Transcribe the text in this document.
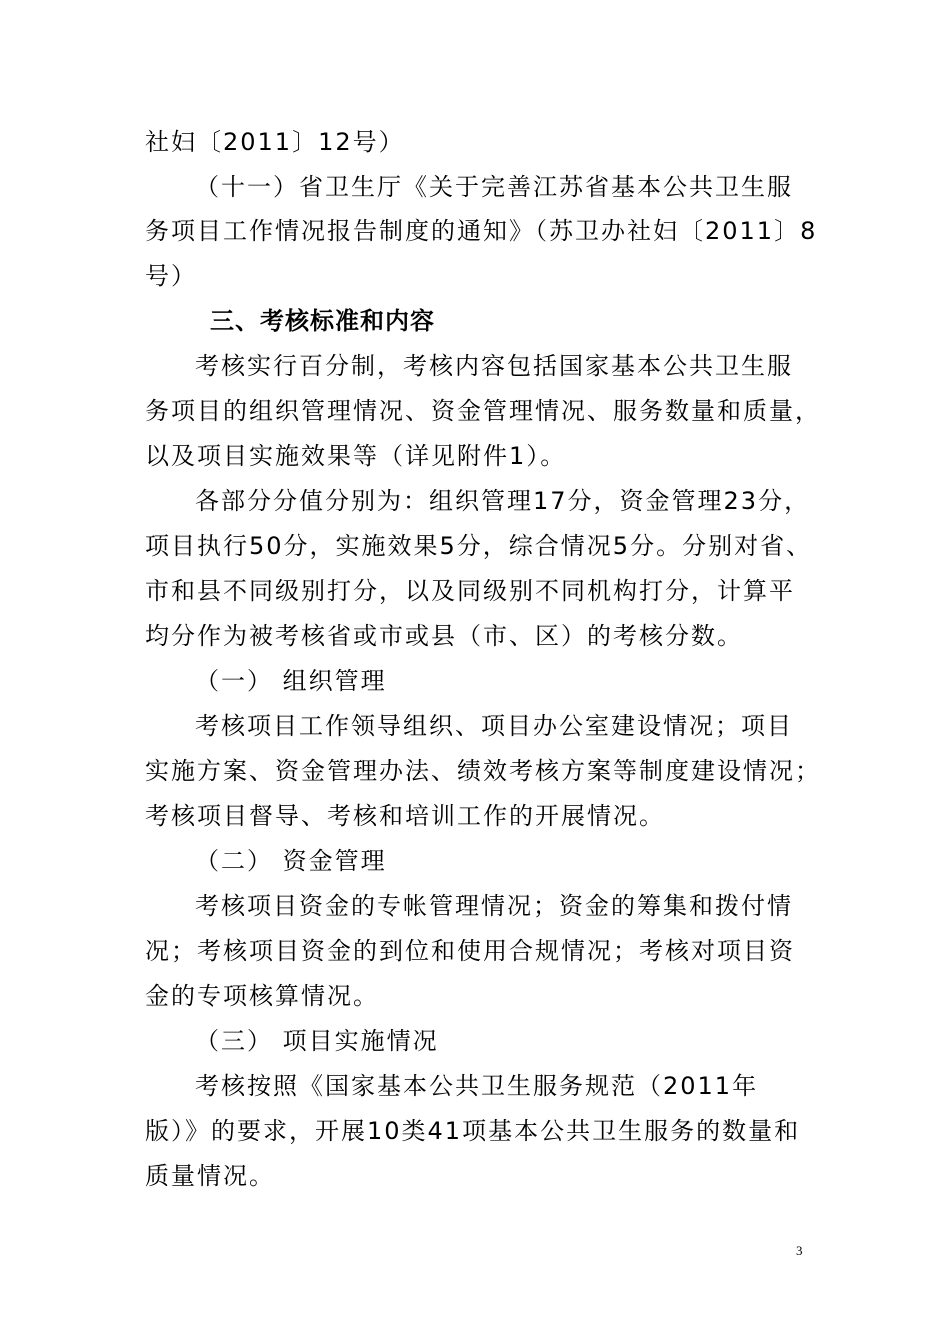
社妇〔2011〕12号）
（十一）省卫生厅《关于完善江苏省基本公共卫生服
务项目工作情况报告制度的通知》（苏卫办社妇〔2011〕8
号）
三、考核标准和内容
考核实行百分制，考核内容包括国家基本公共卫生服
务项目的组织管理情况、资金管理情况、服务数量和质量，
以及项目实施效果等（详见附件1）。
各部分分值分别为：组织管理17分，资金管理23分，
项目执行50分，实施效果5分，综合情况5分。分别对省、
市和县不同级别打分，以及同级别不同机构打分，计算平
均分作为被考核省或市或县（市、区）的考核分数。
（一） 组织管理
考核项目工作领导组织、项目办公室建设情况；项目
实施方案、资金管理办法、绩效考核方案等制度建设情况；
考核项目督导、考核和培训工作的开展情况。
（二） 资金管理
考核项目资金的专帐管理情况；资金的筹集和拨付情
况；考核项目资金的到位和使用合规情况；考核对项目资
金的专项核算情况。
（三） 项目实施情况
考核按照《国家基本公共卫生服务规范（2011年
版）》的要求，开展10类41项基本公共卫生服务的数量和
质量情况。
3
